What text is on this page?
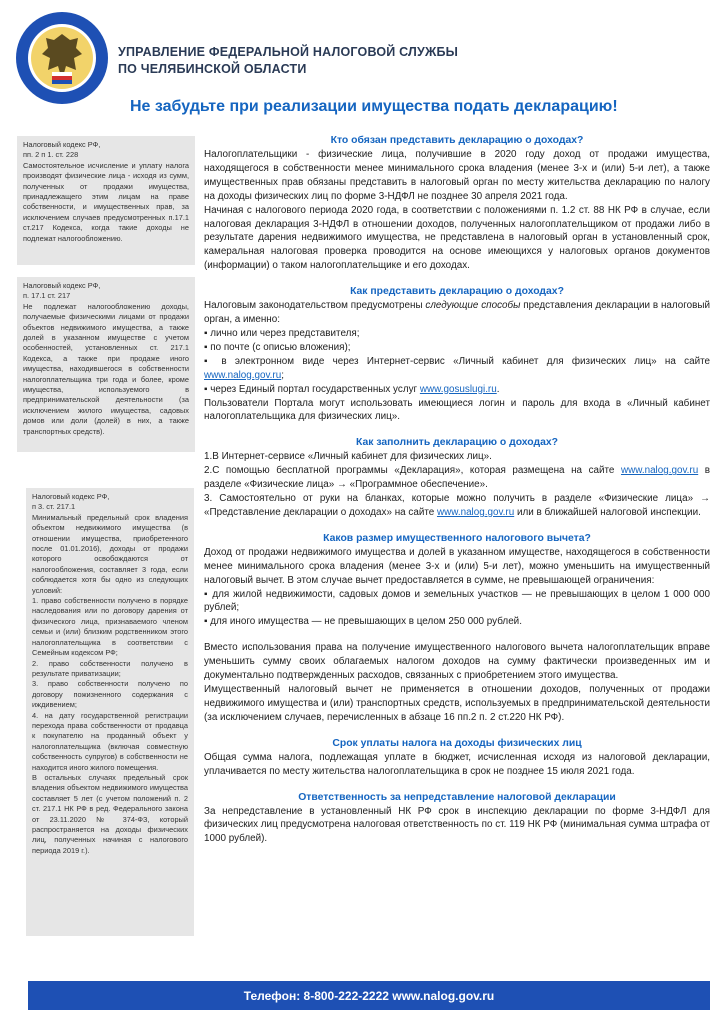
УПРАВЛЕНИЕ ФЕДЕРАЛЬНОЙ НАЛОГОВОЙ СЛУЖБЫ
ПО ЧЕЛЯБИНСКОЙ ОБЛАСТИ
Не забудьте при реализации имущества подать декларацию!

Налоговый кодекс РФ,

пп. 2 п 1. ст. 228

Самостоятельное исчисление и уплату налога производят физические лица - исходя из сумм, полученных от продажи имущества, принадлежащего этим лицам на праве собственности, и имущественных прав, за исключением случаев предусмотренных п.17.1 ст.217 Кодекса, когда такие доходы не подлежат налогообложению.

Налоговый кодекс РФ,

п. 17.1 ст. 217

Не подлежат налогообложению доходы, получаемые физическими лицами от продажи объектов недвижимого имущества, а также долей в указанном имуществе с учетом особенностей, установленных ст. 217.1 Кодекса, а также при продаже иного имущества, находившегося в собственности налогоплательщика три года и более, кроме имущества, используемого в предпринимательской деятельности (за исключением жилого имущества, садовых домов или доли (долей) в них, а также транспортных средств).

Налоговый кодекс РФ,

п 3. ст. 217.1

Минимальный предельный срок владения объектом недвижимого имущества (в отношении имущества, приобретенного после 01.01.2016), доходы от продажи которого освобождаются от налогообложения, составляет 3 года, если соблюдается хотя бы одно из следующих условий:

1. право собственности получено в порядке наследования или по договору дарения от физического лица, признаваемого членом семьи и (или) близким родственником этого налогоплательщика в соответствии с Семейным кодексом РФ;

2. право собственности получено в результате приватизации;

3. право собственности получено по договору пожизненного содержания с иждивением;

4. на дату государственной регистрации перехода права собственности от продавца к покупателю на проданный объект у налогоплательщика (включая совместную собственность супругов) в собственности не находится иного жилого помещения.

В остальных случаях предельный срок владения объектом недвижимого имущества составляет 5 лет (с учетом положений п. 2 ст. 217.1 НК РФ в ред. Федерального закона от 23.11.2020 № 374-ФЗ, который распространяется на доходы физических лиц, полученных начиная с налогового периода 2019 г.).

Кто обязан представить декларацию о доходах?

Налогоплательщики - физические лица, получившие в 2020 году доход от продажи имущества, находящегося в собственности менее минимального срока владения (менее 3-х и (или) 5-и лет), а также имущественных прав обязаны представить в налоговый орган по месту жительства декларацию по налогу на доходы физических лиц по форме 3-НДФЛ не позднее 30 апреля 2021 года.

Начиная с налогового периода 2020 года, в соответствии с положениями п. 1.2 ст. 88 НК РФ в случае, если налоговая декларация 3-НДФЛ в отношении доходов, полученных налогоплательщиком от продажи либо в результате дарения недвижимого имущества, не представлена в налоговый орган в установленный срок, камеральная налоговая проверка проводится на основе имеющихся у налоговых органов документов (информации) о таком налогоплательщике и его доходах.

Как представить декларацию о доходах?

Налоговым законодательством предусмотрены следующие способы представления декларации в налоговый орган, а именно:

▪ лично или через представителя;

▪ по почте (с описью вложения);

▪ в электронном виде через Интернет-сервис «Личный кабинет для физических лиц» на сайте www.nalog.gov.ru;

▪ через Единый портал государственных услуг www.gosuslugi.ru.

Пользователи Портала могут использовать имеющиеся логин и пароль для входа в «Личный кабинет налогоплательщика для физических лиц».

Как заполнить декларацию о доходах?

1.В Интернет-сервисе «Личный кабинет для физических лиц».

2.С помощью бесплатной программы «Декларация», которая размещена на сайте www.nalog.gov.ru в разделе «Физические лица» → «Программное обеспечение».

3. Самостоятельно от руки на бланках, которые можно получить в разделе «Физические лица» → «Представление декларации о доходах» на сайте www.nalog.gov.ru или в ближайшей налоговой инспекции.

Каков размер имущественного налогового вычета?

Доход от продажи недвижимого имущества и долей в указанном имуществе, находящегося в собственности менее минимального срока владения (менее 3-х и (или) 5-и лет), можно уменьшить на имущественный налоговый вычет. В этом случае вычет предоставляется в сумме, не превышающей ограничения:

▪ для жилой недвижимости, садовых домов и земельных участков — не превышающих в целом 1 000 000 рублей;

▪ для иного имущества — не превышающих в целом 250 000 рублей.

Вместо использования права на получение имущественного налогового вычета налогоплательщик вправе уменьшить сумму своих облагаемых налогом доходов на сумму фактически произведенных им и документально подтвержденных расходов, связанных с приобретением этого имущества.

Имущественный налоговый вычет не применяется в отношении доходов, полученных от продажи недвижимого имущества и (или) транспортных средств, используемых в предпринимательской деятельности (за исключением случаев, перечисленных в абзаце 16 пп.2 п. 2 ст.220 НК РФ).

Срок уплаты налога на доходы физических лиц

Общая сумма налога, подлежащая уплате в бюджет, исчисленная исходя из налоговой декларации, уплачивается по месту жительства налогоплательщика в срок не позднее 15 июля 2021 года.

Ответственность за непредставление налоговой декларации

За непредставление в установленный НК РФ срок в инспекцию декларации по форме 3-НДФЛ для физических лиц предусмотрена налоговая ответственность по ст. 119 НК РФ (минимальная сумма штрафа от 1000 рублей).

Телефон: 8-800-222-2222 www.nalog.gov.ru
